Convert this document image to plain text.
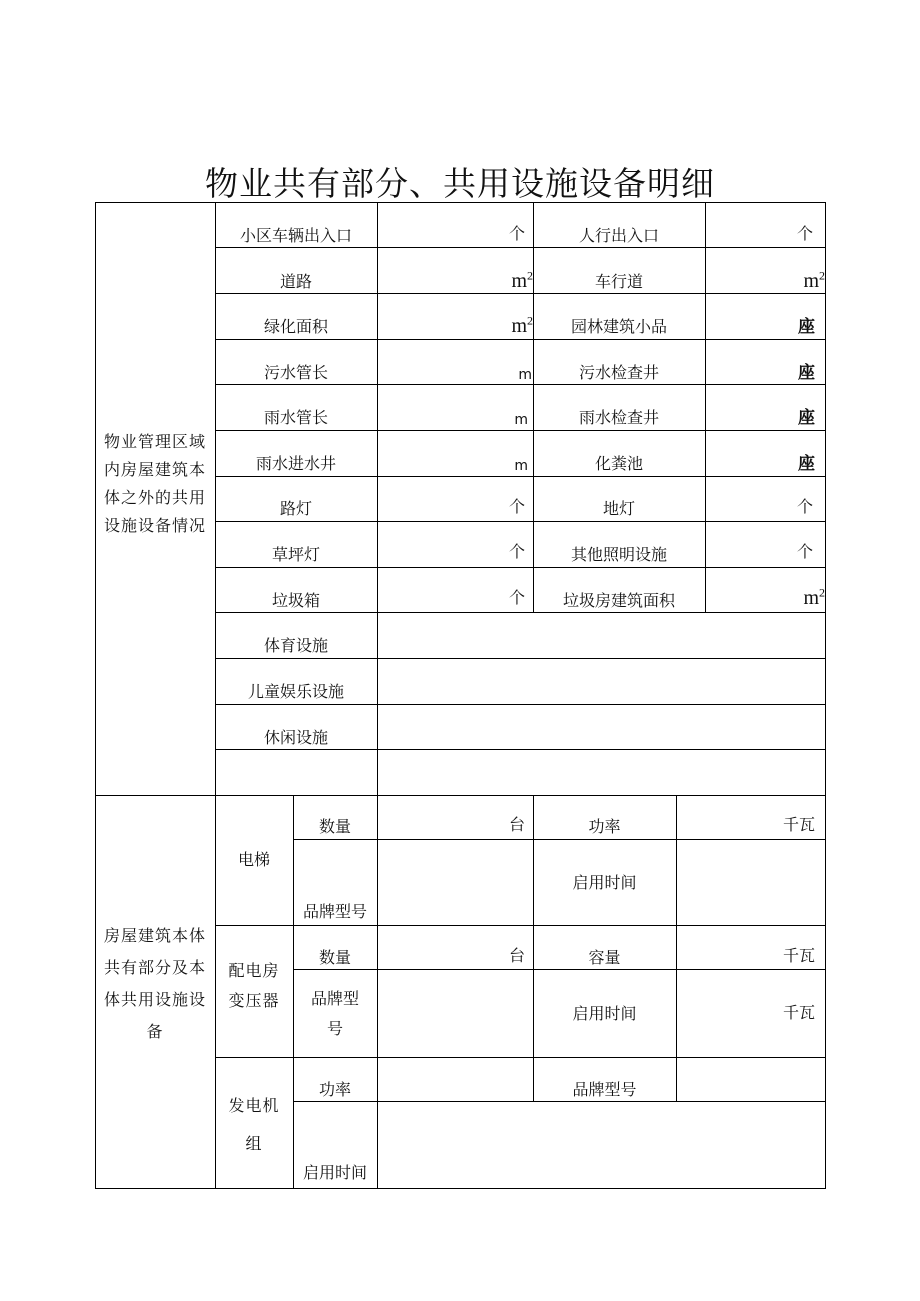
物业共有部分、共用设施设备明细
物业管理区域
内房屋建筑本
体之外的共用
设施设备情况
小区车辆出入口	个	人行出入口	个
道路	$m^2$	车行道	$m^2$
绿化面积	$m^2$	园林建筑小品	座
污水管长	m	污水检查井	座
雨水管长	m	雨水检查井	座
雨水进水井	m	化粪池	座
路灯	个	地灯	个
草坪灯	个	其他照明设施	个
垃圾箱	个	垃圾房建筑面积	$m^2$
体育设施
儿童娱乐设施
休闲设施
房屋建筑本体
共有部分及本
体共用设施设
备
电梯
数量	台	功率	千瓦
品牌型号
启用时间
配电房
变压器
数量	台	容量	千瓦
品牌型
号
启用时间	千瓦
发电机
组
功率	品牌型号
启用时间
